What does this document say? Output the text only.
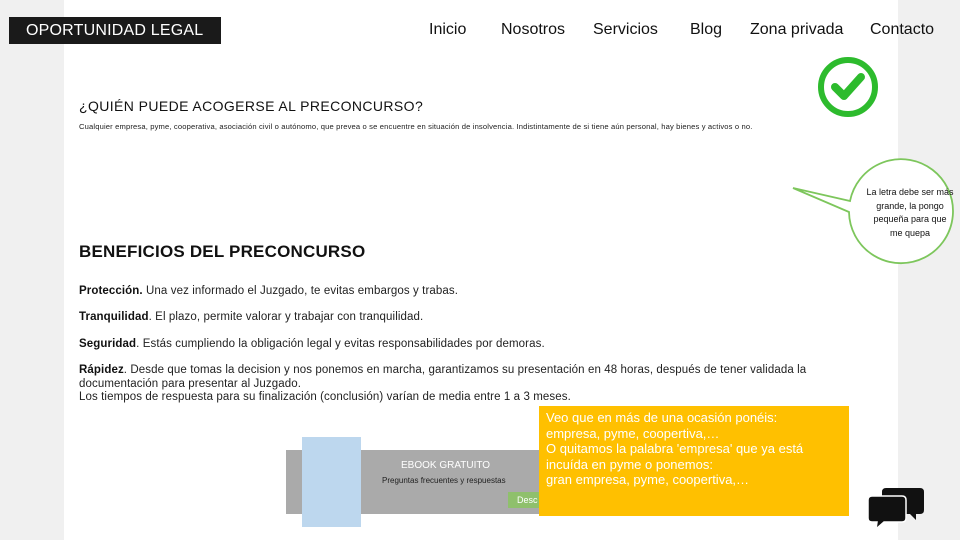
OPORTUNIDAD LEGAL	Inicio Nosotros Servicios Blog Zona privada Contacto
¿QUIÉN PUEDE ACOGERSE AL PRECONCURSO?
Cualquier empresa, pyme, cooperativa, asociación civil o autónomo, que prevea o se encuentre en situación de insolvencia. Indistintamente de si tiene aún personal, hay bienes y activos o no.
BENEFICIOS DEL PRECONCURSO
Protección. Una vez informado el Juzgado, te evitas embargos y trabas.
Tranquilidad. El plazo, permite valorar y trabajar con tranquilidad.
Seguridad. Estás cumpliendo la obligación legal y evitas responsabilidades por demoras.
Rápidez. Desde que tomas la decision y nos ponemos en marcha, garantizamos su presentación en 48 horas, después de tener validada la documentación para presentar al Juzgado.
Los tiempos de respuesta para su finalización (conclusión) varían de media entre 1 a 3 meses.
EBOOK GRATUITO
Preguntas frecuentes y respuestas
Desc
Veo que en más de una ocasión ponéis:
empresa, pyme, coopertiva,…
O quitamos la palabra 'empresa' que ya está
incuída en pyme o ponemos:
gran empresa, pyme, coopertiva,…
La letra debe ser más grande, la pongo pequeña para que me quepa
